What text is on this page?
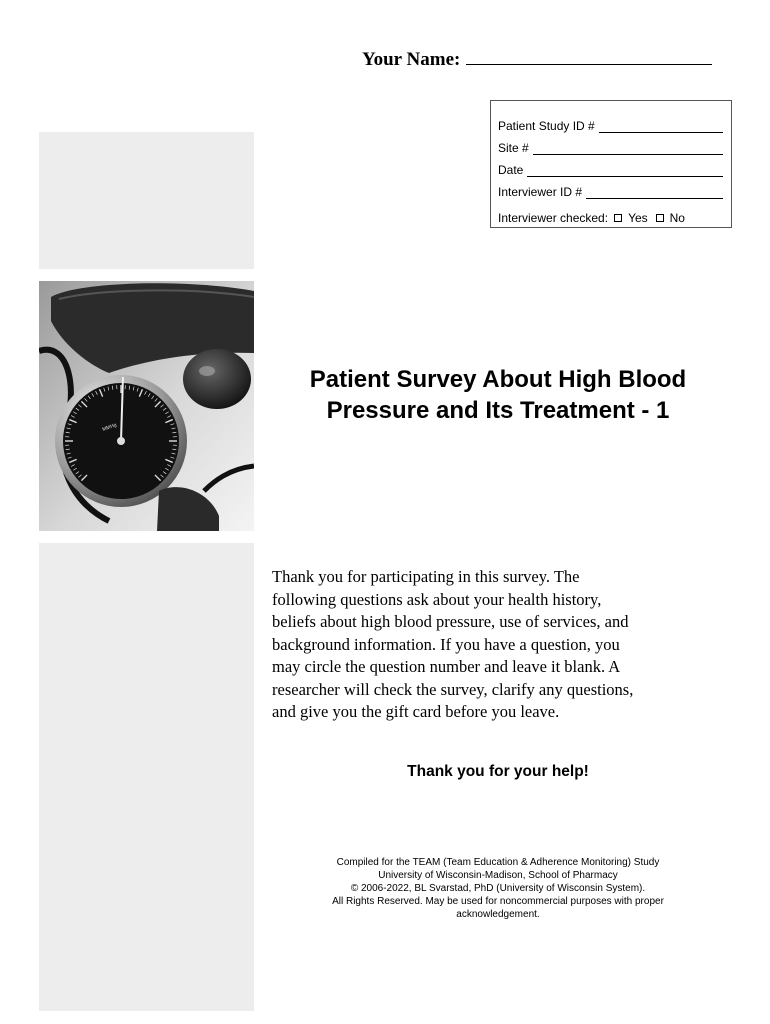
Your Name:
Patient Study ID #
Site #
Date
Interviewer ID #
Interviewer checked: Yes No
MMHg
Patient Survey About High Blood
Pressure and Its Treatment - 1
Thank you for participating in this survey. The
following questions ask about your health history,
beliefs about high blood pressure, use of services, and
background information. If you have a question, you
may circle the question number and leave it blank. A
researcher will check the survey, clarify any questions,
and give you the gift card before you leave.
Thank you for your help!
Compiled for the TEAM (Team Education & Adherence Monitoring) Study
University of Wisconsin-Madison, School of Pharmacy
© 2006-2022, BL Svarstad, PhD (University of Wisconsin System).
All Rights Reserved. May be used for noncommercial purposes with proper
acknowledgement.
